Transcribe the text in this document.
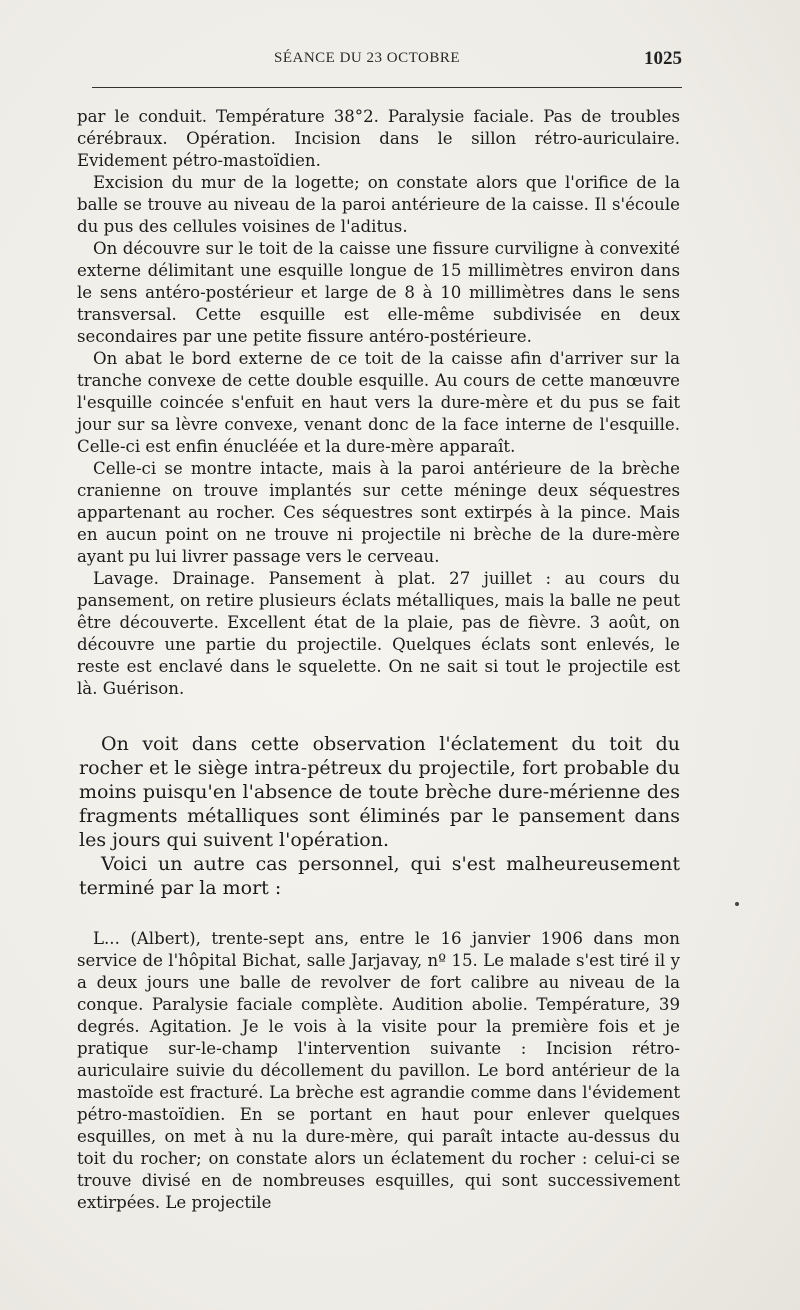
SÉANCE DU 23 OCTOBRE	1025

par le conduit. Température 38°2. Paralysie faciale. Pas de troubles cérébraux. Opération. Incision dans le sillon rétro-auriculaire. Evidement pétro-mastoïdien.

Excision du mur de la logette; on constate alors que l'orifice de la balle se trouve au niveau de la paroi antérieure de la caisse. Il s'écoule du pus des cellules voisines de l'aditus.

On découvre sur le toit de la caisse une fissure curviligne à convexité externe délimitant une esquille longue de 15 millimètres environ dans le sens antéro-postérieur et large de 8 à 10 millimètres dans le sens transversal. Cette esquille est elle-même subdivisée en deux secondaires par une petite fissure antéro-postérieure.

On abat le bord externe de ce toit de la caisse afin d'arriver sur la tranche convexe de cette double esquille. Au cours de cette manœuvre l'esquille coincée s'enfuit en haut vers la dure-mère et du pus se fait jour sur sa lèvre convexe, venant donc de la face interne de l'esquille. Celle-ci est enfin énucléée et la dure-mère apparaît.

Celle-ci se montre intacte, mais à la paroi antérieure de la brèche cranienne on trouve implantés sur cette méninge deux séquestres appartenant au rocher. Ces séquestres sont extirpés à la pince. Mais en aucun point on ne trouve ni projectile ni brèche de la dure-mère ayant pu lui livrer passage vers le cerveau.

Lavage. Drainage. Pansement à plat. 27 juillet : au cours du pansement, on retire plusieurs éclats métalliques, mais la balle ne peut être découverte. Excellent état de la plaie, pas de fièvre. 3 août, on découvre une partie du projectile. Quelques éclats sont enlevés, le reste est enclavé dans le squelette. On ne sait si tout le projectile est là. Guérison.

On voit dans cette observation l'éclatement du toit du rocher et le siège intra-pétreux du projectile, fort probable du moins puisqu'en l'absence de toute brèche dure-mérienne des fragments métalliques sont éliminés par le pansement dans les jours qui suivent l'opération.

Voici un autre cas personnel, qui s'est malheureusement terminé par la mort :

L... (Albert), trente-sept ans, entre le 16 janvier 1906 dans mon service de l'hôpital Bichat, salle Jarjavay, nº 15. Le malade s'est tiré il y a deux jours une balle de revolver de fort calibre au niveau de la conque. Paralysie faciale complète. Audition abolie. Température, 39 degrés. Agitation. Je le vois à la visite pour la première fois et je pratique sur-le-champ l'intervention suivante : Incision rétro-auriculaire suivie du décollement du pavillon. Le bord antérieur de la mastoïde est fracturé. La brèche est agrandie comme dans l'évidement pétro-mastoïdien. En se portant en haut pour enlever quelques esquilles, on met à nu la dure-mère, qui paraît intacte au-dessus du toit du rocher; on constate alors un éclatement du rocher : celui-ci se trouve divisé en de nombreuses esquilles, qui sont successivement extirpées. Le projectile
